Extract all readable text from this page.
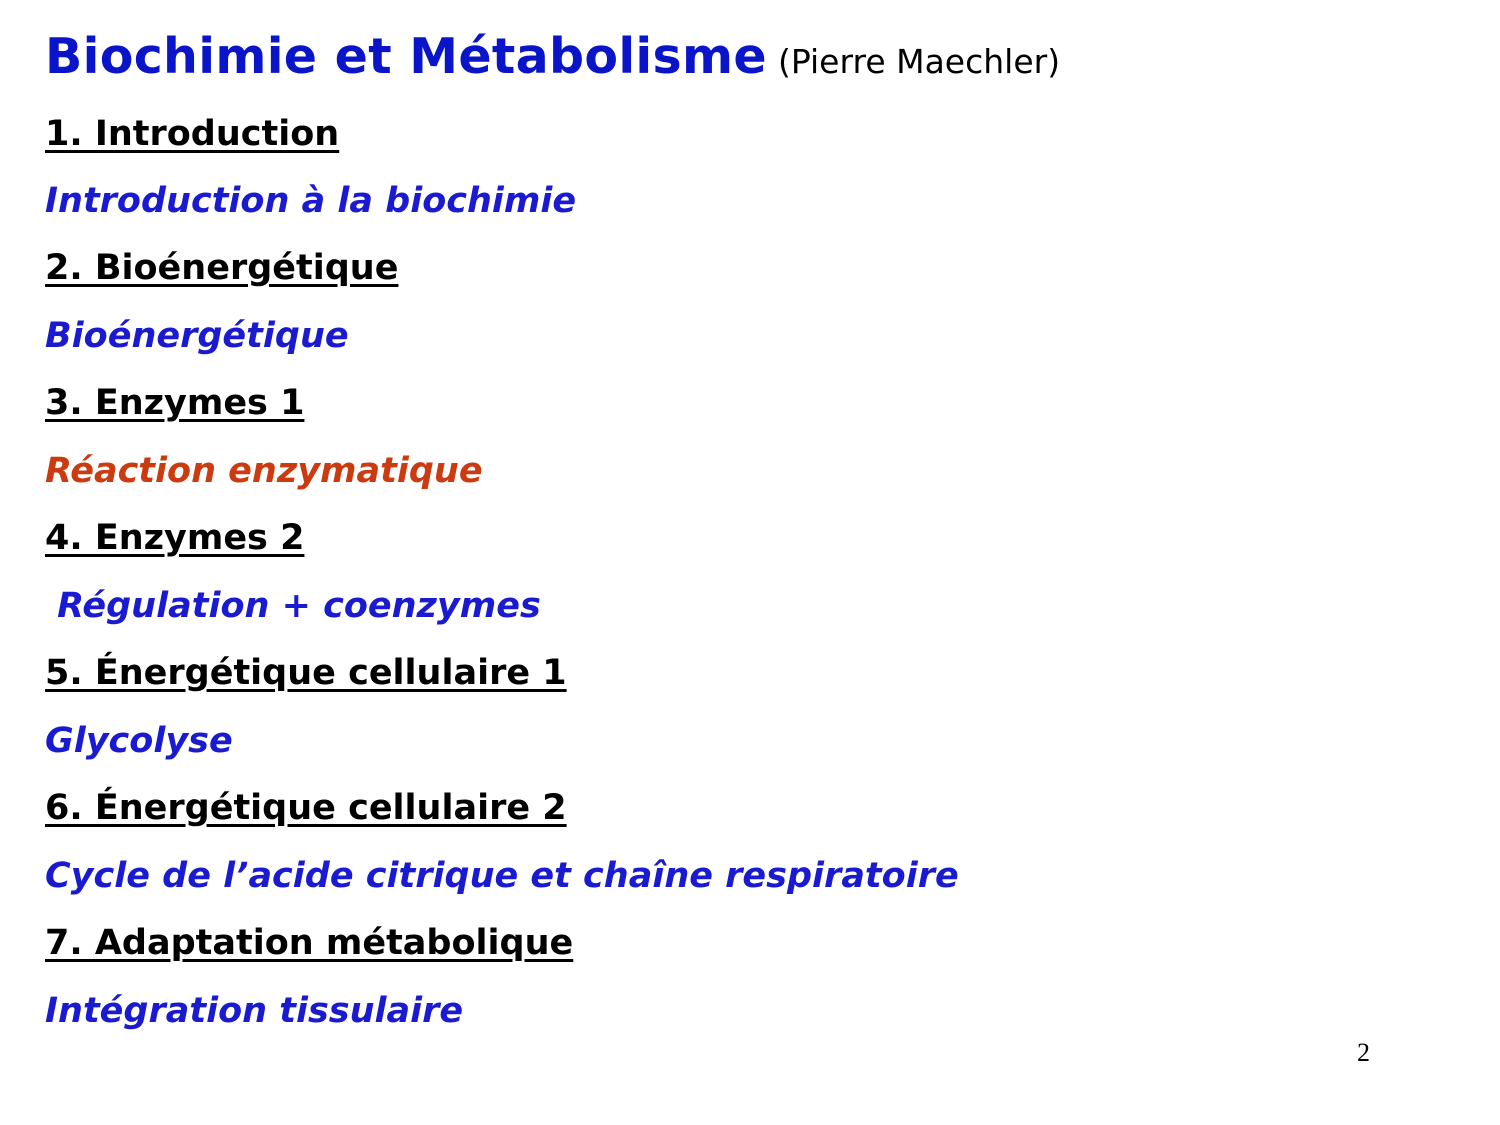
Biochimie et Métabolisme (Pierre Maechler)
1. Introduction
Introduction à la biochimie
2. Bioénergétique
Bioénergétique
3. Enzymes 1
Réaction enzymatique
4. Enzymes 2
Régulation + coenzymes
5. Énergétique cellulaire 1
Glycolyse
6. Énergétique cellulaire 2
Cycle de l’acide citrique et chaîne respiratoire
7. Adaptation métabolique
Intégration tissulaire
2
